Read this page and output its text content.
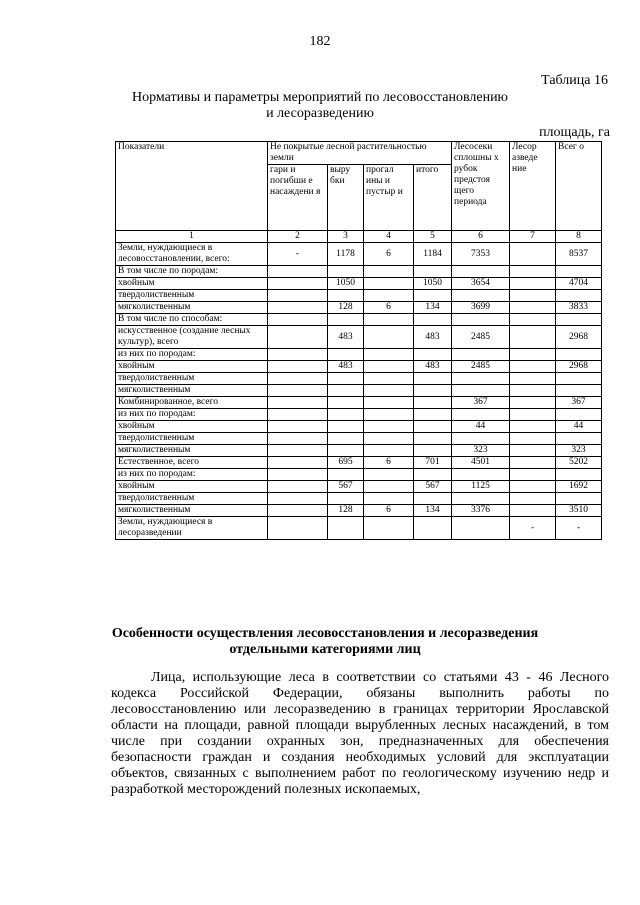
182
Таблица 16
Нормативы и параметры мероприятий по лесовосстановлению
и лесоразведению
площадь, га
Показатели	Не покрытые лесной растительностью земли				Лесосеки сплошны х рубок предстоя щего периода	Лесор азведе ние	Всег о
	гари и погибши е насаждени я	выру бки	прогал ины и пустыр и	итого			
1	2	3	4	5	6	7	8
Земли, нуждающиеся в лесовосстановлении, всего:	-	1178	6	1184	7353		8537
В том числе по породам:							
хвойным		1050		1050	3654		4704
твердолиственным							
мягколиственным		128	6	134	3699		3833
В том числе по способам:							
искусственное (создание лесных культур), всего		483		483	2485		2968
из них по породам:							
хвойным		483		483	2485		2968
твердолиственным							
мягколиственным							
Комбинированное, всего					367		367
из них по породам:							
хвойным					44		44
твердолиственным							
мягколиственным					323		323
Естественное, всего		695	6	701	4501		5202
из них по породам:							
хвойным		567		567	1125		1692
твердолиственным							
мягколиственным		128	6	134	3376		3510
Земли, нуждающиеся в лесоразведении						-	-
Особенности осуществления лесовосстановления и лесоразведения
отдельными категориями лиц
Лица, использующие леса в соответствии со статьями 43 - 46 Лесного кодекса Российской Федерации, обязаны выполнить работы по лесовосстановлению или лесоразведению в границах территории Ярославской области на площади, равной площади вырубленных лесных насаждений, в том числе при создании охранных зон, предназначенных для обеспечения безопасности граждан и создания необходимых условий для эксплуатации объектов, связанных с выполнением работ по геологическому изучению недр и разработкой месторождений полезных ископаемых,
